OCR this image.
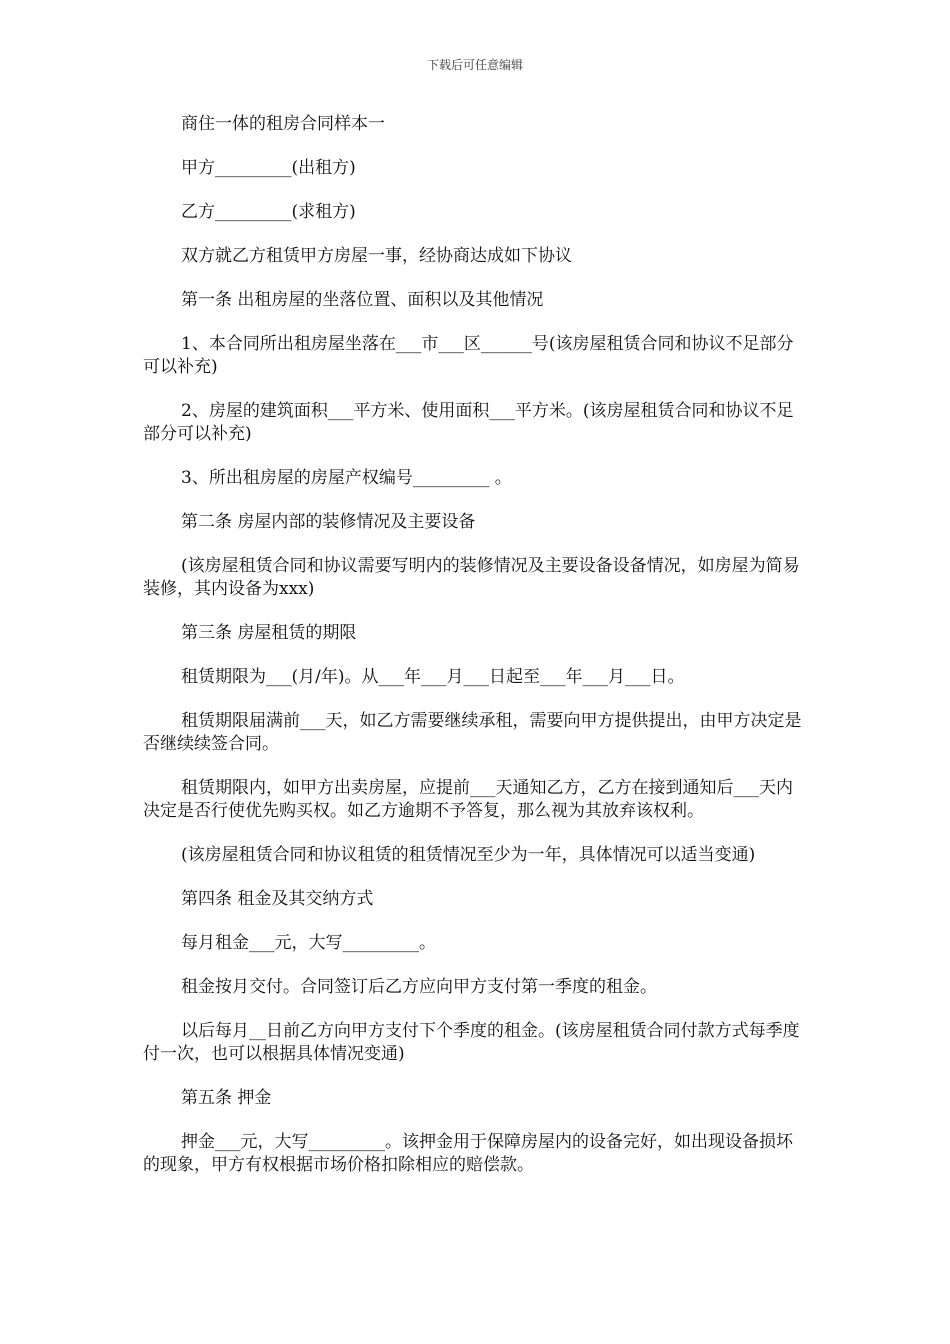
下载后可任意编辑

商住一体的租房合同样本一

甲方_________(出租方)

乙方_________(求租方)

双方就乙方租赁甲方房屋一事，经协商达成如下协议

第一条 出租房屋的坐落位置、面积以及其他情况

1、本合同所出租房屋坐落在___市___区______号(该房屋租赁合同和协议不足部分可以补充)

2、房屋的建筑面积___平方米、使用面积___平方米。(该房屋租赁合同和协议不足部分可以补充)

3、所出租房屋的房屋产权编号_________ 。

第二条 房屋内部的装修情况及主要设备

(该房屋租赁合同和协议需要写明内的装修情况及主要设备设备情况，如房屋为简易装修，其内设备为xxx)

第三条 房屋租赁的期限

租赁期限为___(月/年)。从___年___月___日起至___年___月___日。

租赁期限届满前___天，如乙方需要继续承租，需要向甲方提供提出，由甲方决定是否继续续签合同。

租赁期限内，如甲方出卖房屋，应提前___天通知乙方，乙方在接到通知后___天内决定是否行使优先购买权。如乙方逾期不予答复，那么视为其放弃该权利。

(该房屋租赁合同和协议租赁的租赁情况至少为一年，具体情况可以适当变通)

第四条 租金及其交纳方式

每月租金___元，大写_________。

租金按月交付。合同签订后乙方应向甲方支付第一季度的租金。

以后每月__日前乙方向甲方支付下个季度的租金。(该房屋租赁合同付款方式每季度付一次，也可以根据具体情况变通)

第五条 押金

押金___元，大写_________。该押金用于保障房屋内的设备完好，如出现设备损坏的现象，甲方有权根据市场价格扣除相应的赔偿款。
